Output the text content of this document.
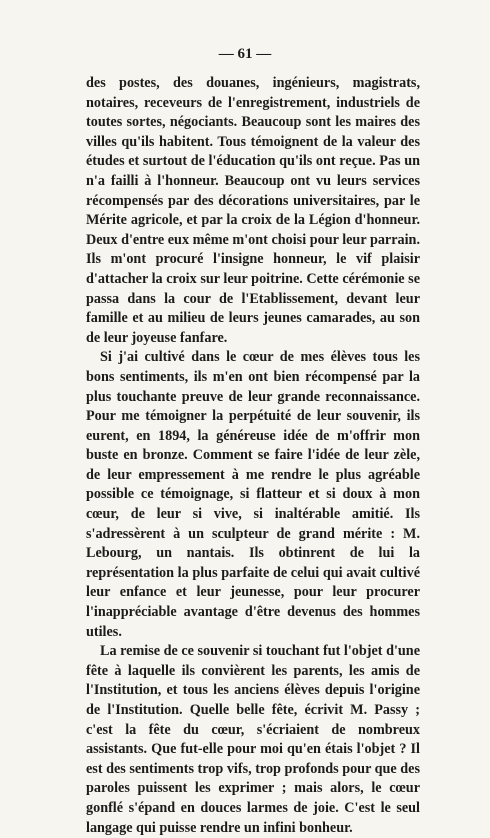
— 61 —

des postes, des douanes, ingénieurs, magistrats, notaires, receveurs de l'enregistrement, industriels de toutes sortes, négociants. Beaucoup sont les maires des villes qu'ils habitent. Tous témoignent de la valeur des études et surtout de l'éducation qu'ils ont reçue. Pas un n'a failli à l'honneur. Beaucoup ont vu leurs services récompensés par des décorations universitaires, par le Mérite agricole, et par la croix de la Légion d'honneur. Deux d'entre eux même m'ont choisi pour leur parrain. Ils m'ont procuré l'insigne honneur, le vif plaisir d'attacher la croix sur leur poitrine. Cette cérémonie se passa dans la cour de l'Etablissement, devant leur famille et au milieu de leurs jeunes camarades, au son de leur joyeuse fanfare.

Si j'ai cultivé dans le cœur de mes élèves tous les bons sentiments, ils m'en ont bien récompensé par la plus touchante preuve de leur grande reconnaissance. Pour me témoigner la perpétuité de leur souvenir, ils eurent, en 1894, la généreuse idée de m'offrir mon buste en bronze. Comment se faire l'idée de leur zèle, de leur empressement à me rendre le plus agréable possible ce témoignage, si flatteur et si doux à mon cœur, de leur si vive, si inaltérable amitié. Ils s'adressèrent à un sculpteur de grand mérite : M. Lebourg, un nantais. Ils obtinrent de lui la représentation la plus parfaite de celui qui avait cultivé leur enfance et leur jeunesse, pour leur procurer l'inappréciable avantage d'être devenus des hommes utiles.

La remise de ce souvenir si touchant fut l'objet d'une fête à laquelle ils convièrent les parents, les amis de l'Institution, et tous les anciens élèves depuis l'origine de l'Institution. Quelle belle fête, écrivit M. Passy ; c'est la fête du cœur, s'écriaient de nombreux assistants. Que fut-elle pour moi qu'en étais l'objet ? Il est des sentiments trop vifs, trop profonds pour que des paroles puissent les exprimer ; mais alors, le cœur gonflé s'épand en douces larmes de joie. C'est le seul langage qui puisse rendre un infini bonheur.
